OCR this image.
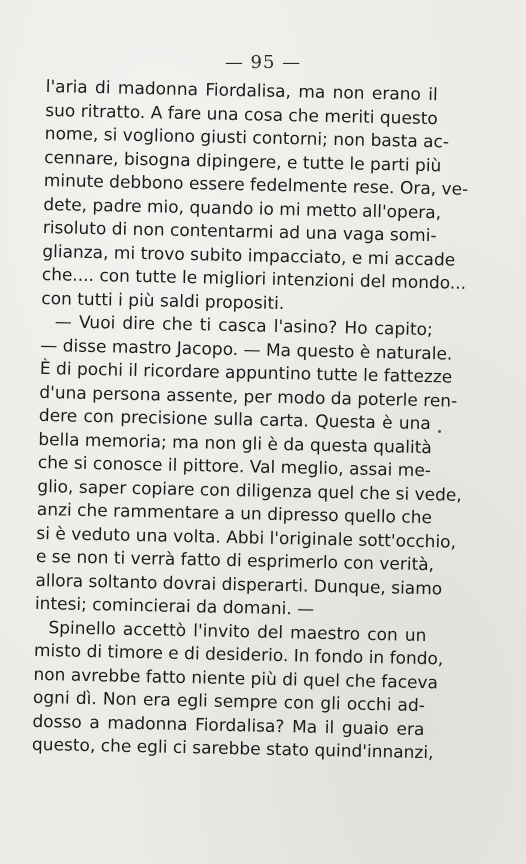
— 95 —
l'aria di madonna Fiordalisa, ma non erano il
suo ritratto. A fare una cosa che meriti questo
nome, si vogliono giusti contorni; non basta ac-
cennare, bisogna dipingere, e tutte le parti più
minute debbono essere fedelmente rese. Ora, ve-
dete, padre mio, quando io mi metto all'opera,
risoluto di non contentarmi ad una vaga somi-
glianza, mi trovo subito impacciato, e mi accade
che.... con tutte le migliori intenzioni del mondo...
con tutti i più saldi propositi.
— Vuoi dire che ti casca l'asino? Ho capito;
— disse mastro Jacopo. — Ma questo è naturale.
È di pochi il ricordare appuntino tutte le fattezze
d'una persona assente, per modo da poterle ren-
dere con precisione sulla carta. Questa è una
bella memoria; ma non gli è da questa qualità
che si conosce il pittore. Val meglio, assai me-
glio, saper copiare con diligenza quel che si vede,
anzi che rammentare a un dipresso quello che
si è veduto una volta. Abbi l'originale sott'occhio,
e se non ti verrà fatto di esprimerlo con verità,
allora soltanto dovrai disperarti. Dunque, siamo
intesi; comincierai da domani. —
Spinello accettò l'invito del maestro con un
misto di timore e di desiderio. In fondo in fondo,
non avrebbe fatto niente più di quel che faceva
ogni dì. Non era egli sempre con gli occhi ad-
dosso a madonna Fiordalisa? Ma il guaio era
questo, che egli ci sarebbe stato quind'innanzi,
